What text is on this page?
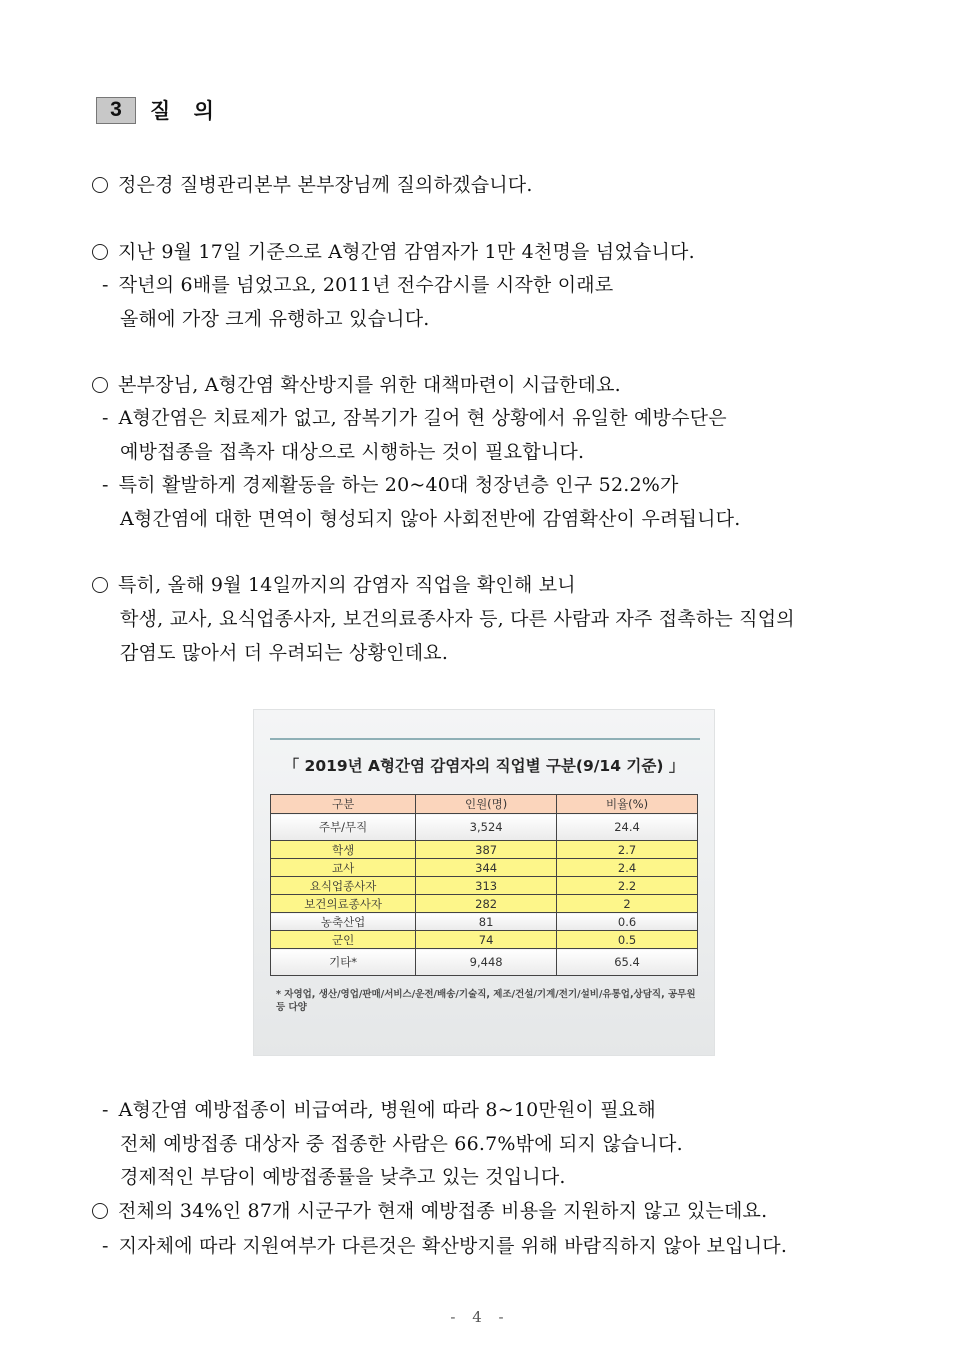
3	질 의
정은경 질병관리본부 본부장님께 질의하겠습니다.
지난 9월 17일 기준으로 A형간염 감염자가 1만 4천명을 넘었습니다.
- 작년의 6배를 넘었고요, 2011년 전수감시를 시작한 이래로
올해에 가장 크게 유행하고 있습니다.
본부장님, A형간염 확산방지를 위한 대책마련이 시급한데요.
- A형간염은 치료제가 없고, 잠복기가 길어 현 상황에서 유일한 예방수단은
예방접종을 접촉자 대상으로 시행하는 것이 필요합니다.
- 특히 활발하게 경제활동을 하는 20~40대 청장년층 인구 52.2%가
A형간염에 대한 면역이 형성되지 않아 사회전반에 감염확산이 우려됩니다.
특히, 올해 9월 14일까지의 감염자 직업을 확인해 보니
학생, 교사, 요식업종사자, 보건의료종사자 등, 다른 사람과 자주 접촉하는 직업의
감염도 많아서 더 우려되는 상황인데요.
- A형간염 예방접종이 비급여라, 병원에 따라 8~10만원이 필요해
전체 예방접종 대상자 중 접종한 사람은 66.7%밖에 되지 않습니다.
경제적인 부담이 예방접종률을 낮추고 있는 것입니다.
전체의 34%인 87개 시군구가 현재 예방접종 비용을 지원하지 않고 있는데요.
- 지자체에 따라 지원여부가 다른것은 확산방지를 위해 바람직하지 않아 보입니다.
「 2019년 A형간염 감염자의 직업별 구분(9/14 기준) 」
구분	인원(명)	비율(%)
주부/무직	3,524	24.4
학생	387	2.7
교사	344	2.4
요식업종사자	313	2.2
보건의료종사자	282	2
농축산업	81	0.6
군인	74	0.5
기타*	9,448	65.4
* 자영업, 생산/영업/판매/서비스/운전/배송/기술직, 제조/건설/기계/전기/설비/유통업,상담직, 공무원 등 다양
- 4 -
